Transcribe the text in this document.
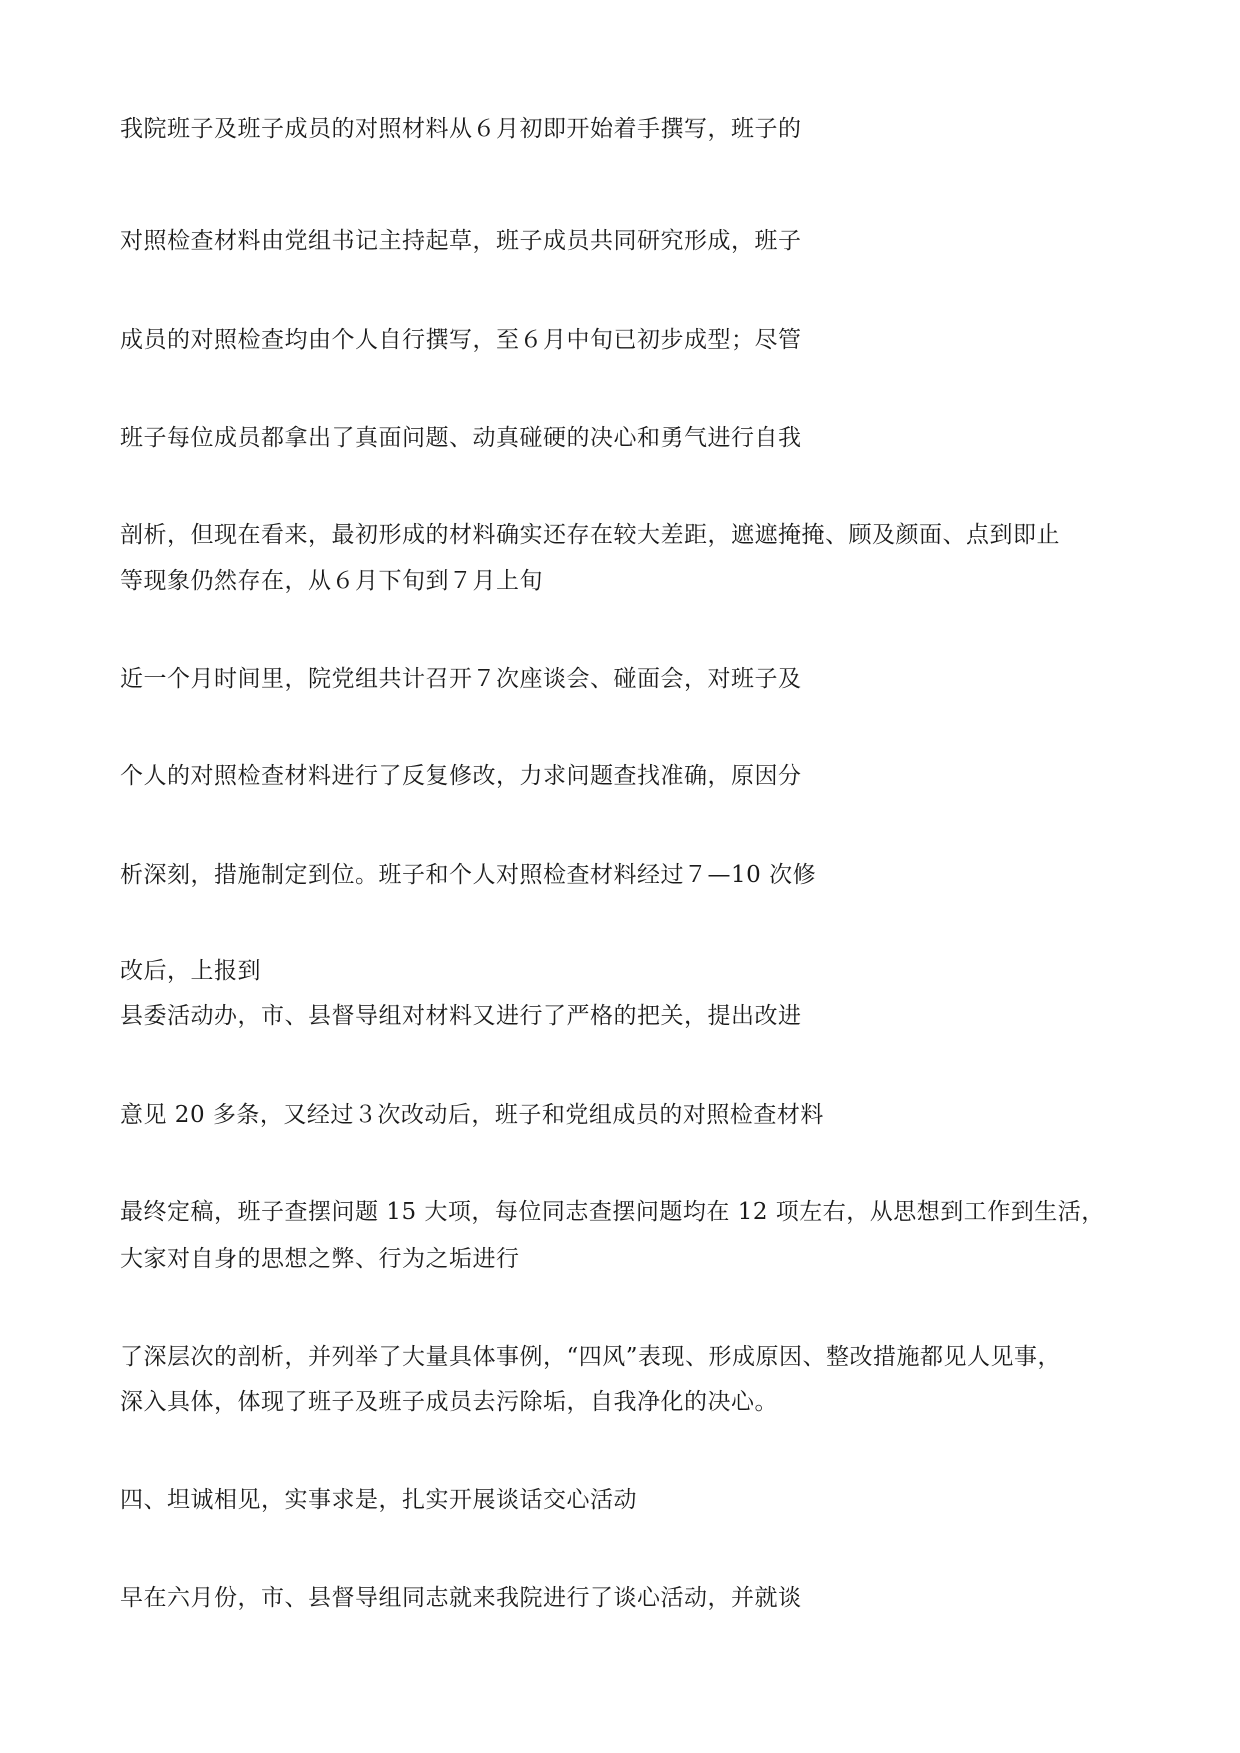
我院班子及班子成员的对照材料从６月初即开始着手撰写，班子的
对照检查材料由党组书记主持起草，班子成员共同研究形成，班子
成员的对照检查均由个人自行撰写，至６月中旬已初步成型；尽管
班子每位成员都拿出了真面问题、动真碰硬的决心和勇气进行自我
剖析，但现在看来，最初形成的材料确实还存在较大差距，遮遮掩掩、顾及颜面、点到即止
等现象仍然存在，从６月下旬到７月上旬
近一个月时间里，院党组共计召开７次座谈会、碰面会，对班子及
个人的对照检查材料进行了反复修改，力求问题查找准确，原因分
析深刻，措施制定到位。班子和个人对照检查材料经过７—10 次修
改后，上报到
县委活动办，市、县督导组对材料又进行了严格的把关，提出改进
意见 20 多条，又经过３次改动后，班子和党组成员的对照检查材料
最终定稿，班子查摆问题 15 大项，每位同志查摆问题均在 12 项左右，从思想到工作到生活，
大家对自身的思想之弊、行为之垢进行
了深层次的剖析，并列举了大量具体事例，“四风”表现、形成原因、整改措施都见人见事，
深入具体，体现了班子及班子成员去污除垢，自我净化的决心。
四、坦诚相见，实事求是，扎实开展谈话交心活动
早在六月份，市、县督导组同志就来我院进行了谈心活动，并就谈
